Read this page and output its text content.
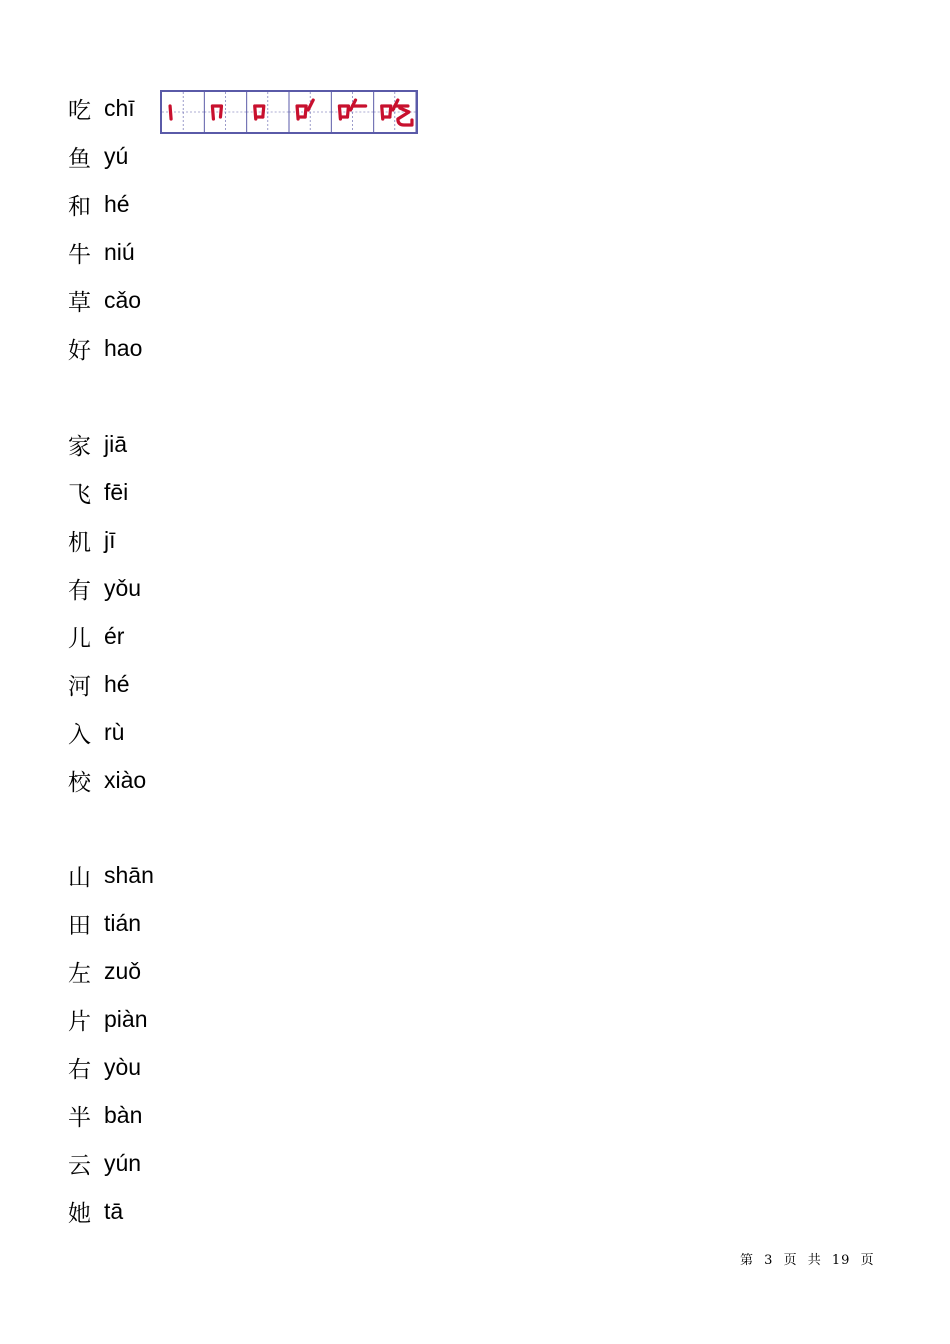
吃 chī
鱼 yú
和 hé
牛 niú
草 cǎo
好 hao
家 jiā
飞 fēi
机 jī
有 yǒu
儿 ér
河 hé
入 rù
校 xiào
山 shān
田 tián
左 zuǒ
片 piàn
右 yòu
半 bàn
云 yún
她 tā
第 3 页 共 19 页
